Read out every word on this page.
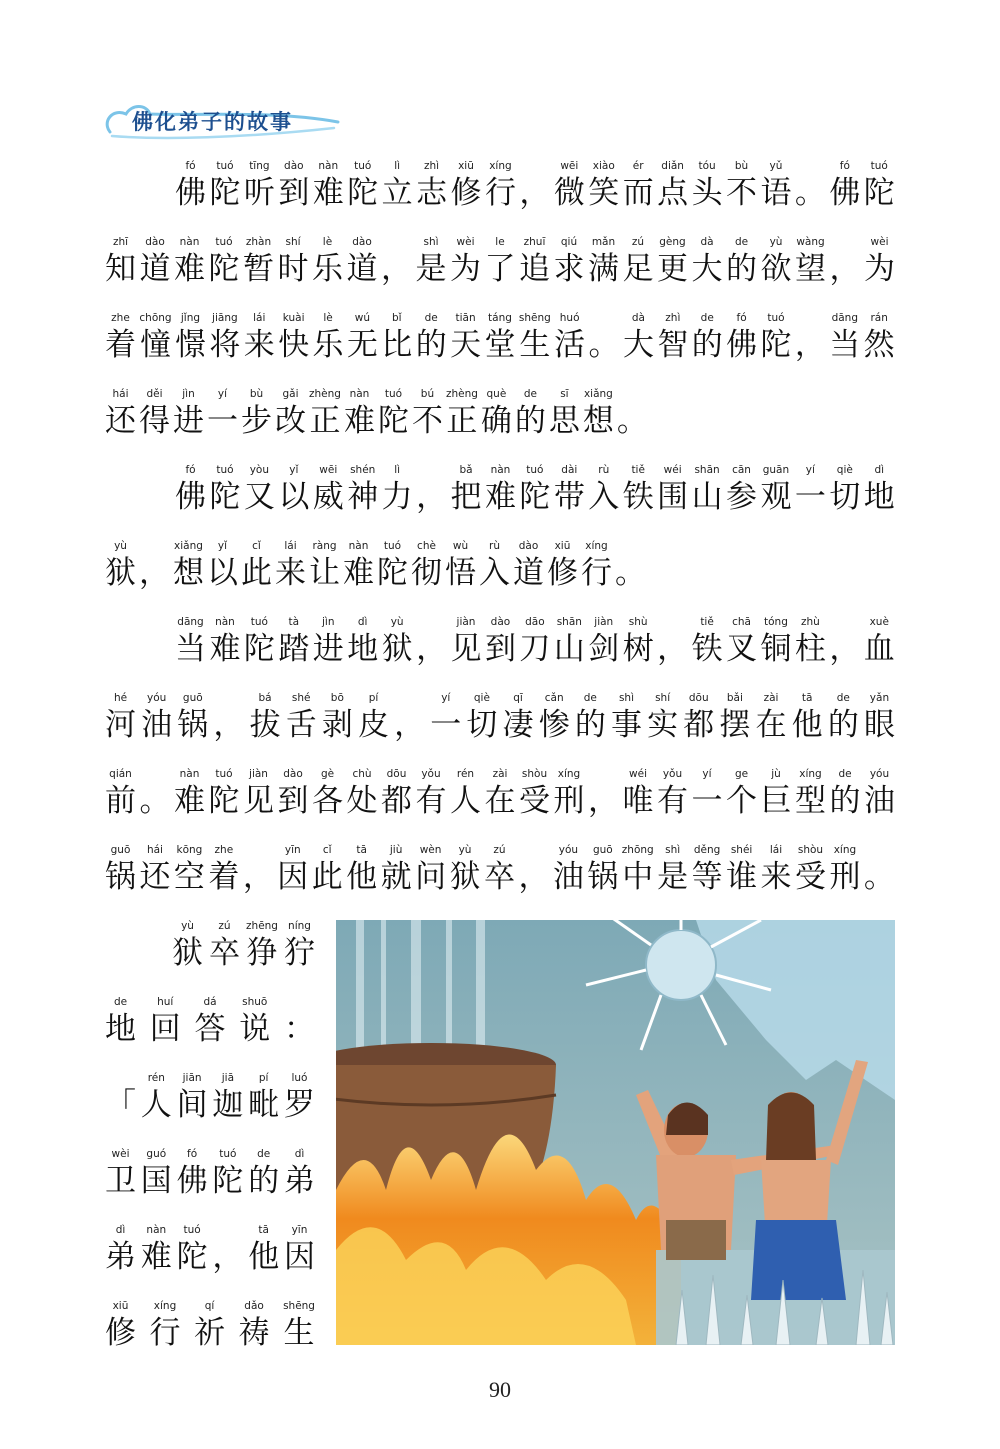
佛化弟子的故事
fó
佛
tuó
陀
tīng
听
dào
到
nàn
难
tuó
陀
lì
立
zhì
志
xiū
修
xíng
行 ，
wēi
微
xiào
笑
ér
而
diǎn
点
tóu
头
bù
不
yǔ
语 。
fó
佛
tuó
陀
zhī
知
dào
道
nàn
难
tuó
陀
zhàn
暂
shí
时
lè
乐
dào
道 ，
shì
是
wèi
为
le
了
zhuī
追
qiú
求
mǎn
满
zú
足
gèng
更
dà
大
de
的
yù
欲
wàng
望 ，
wèi
为
zhe
着
chōng
憧
jǐng
憬
jiāng
将
lái
来
kuài
快
lè
乐
wú
无
bǐ
比
de
的
tiān
天
táng
堂
shēng
生
huó
活 。
dà
大
zhì
智
de
的
fó
佛
tuó
陀 ，
dāng
当
rán
然
hái
还
děi
得
jìn
进
yí
一
bù
步
gǎi
改
zhèng
正
nàn
难
tuó
陀
bú
不
zhèng
正
què
确
de
的
sī
思
xiǎng
想 。
fó
佛
tuó
陀
yòu
又
yǐ
以
wēi
威
shén
神
lì
力 ，
bǎ
把
nàn
难
tuó
陀
dài
带
rù
入
tiě
铁
wéi
围
shān
山
cān
参
guān
观
yí
一
qiè
切
dì
地
yù
狱 ，
xiǎng
想
yǐ
以
cǐ
此
lái
来
ràng
让
nàn
难
tuó
陀
chè
彻
wù
悟
rù
入
dào
道
xiū
修
xíng
行 。
dāng
当
nàn
难
tuó
陀
tà
踏
jìn
进
dì
地
yù
狱 ，
jiàn
见
dào
到
dāo
刀
shān
山
jiàn
剑
shù
树 ，
tiě
铁
chā
叉
tóng
铜
zhù
柱 ，
xuè
血
hé
河
yóu
油
guō
锅 ，
bá
拔
shé
舌
bō
剥
pí
皮 ，
yí
一
qiè
切
qī
凄
cǎn
惨
de
的
shì
事
shí
实
dōu
都
bǎi
摆
zài
在
tā
他
de
的
yǎn
眼
qián
前 。
nàn
难
tuó
陀
jiàn
见
dào
到
gè
各
chù
处
dōu
都
yǒu
有
rén
人
zài
在
shòu
受
xíng
刑 ，
wéi
唯
yǒu
有
yí
一
ge
个
jù
巨
xíng
型
de
的
yóu
油
guō
锅
hái
还
kōng
空
zhe
着 ，
yīn
因
cǐ
此
tā
他
jiù
就
wèn
问
yù
狱
zú
卒 ，
yóu
油
guō
锅
zhōng
中
shì
是
děng
等
shéi
谁
lái
来
shòu
受
xíng
刑 。
yù
狱
zú
卒
zhēng
狰
níng
狞
de
地
huí
回
dá
答
shuō
说 ：
「
rén
人
jiān
间
jiā
迦
pí
毗
luó
罗
wèi
卫
guó
国
fó
佛
tuó
陀
de
的
dì
弟
dì
弟
nàn
难
tuó
陀 ，
tā
他
yīn
因
xiū
修
xíng
行
qí
祈
dǎo
祷
shēng
生
90
